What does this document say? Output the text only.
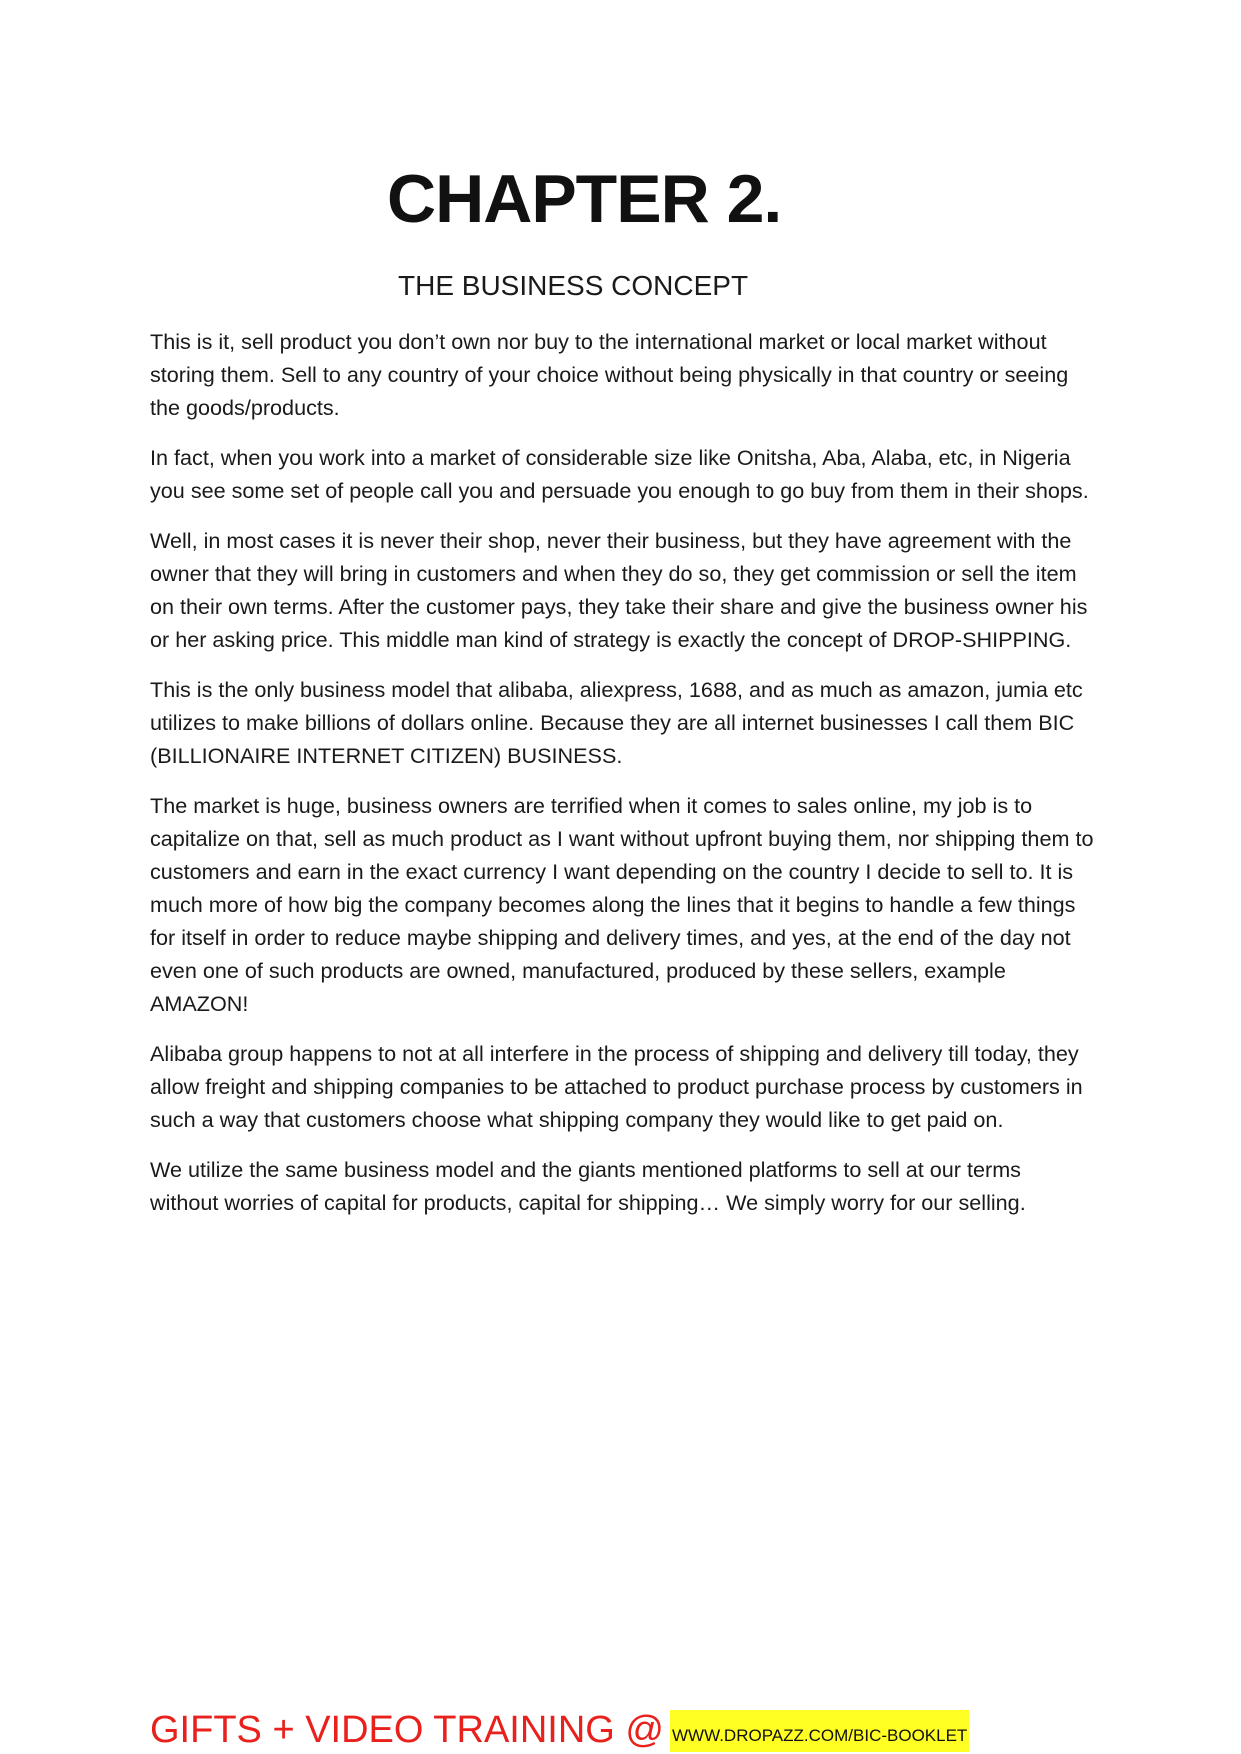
CHAPTER 2.
THE BUSINESS CONCEPT

This is it, sell product you don’t own nor buy to the international market or local market without storing them. Sell to any country of your choice without being physically in that country or seeing the goods/products.

In fact, when you work into a market of considerable size like Onitsha, Aba, Alaba, etc, in Nigeria you see some set of people call you and persuade you enough to go buy from them in their shops.

Well, in most cases it is never their shop, never their business, but they have agreement with the owner that they will bring in customers and when they do so, they get commission or sell the item on their own terms. After the customer pays, they take their share and give the business owner his or her asking price. This middle man kind of strategy is exactly the concept of DROP-SHIPPING.

This is the only business model that alibaba, aliexpress, 1688, and as much as amazon, jumia etc utilizes to make billions of dollars online. Because they are all internet businesses I call them BIC (BILLIONAIRE INTERNET CITIZEN) BUSINESS.

The market is huge, business owners are terrified when it comes to sales online, my job is to capitalize on that, sell as much product as I want without upfront buying them, nor shipping them to customers and earn in the exact currency I want depending on the country I decide to sell to. It is much more of how big the company becomes along the lines that it begins to handle a few things for itself in order to reduce maybe shipping and delivery times, and yes, at the end of the day not even one of such products are owned, manufactured, produced by these sellers, example AMAZON!

Alibaba group happens to not at all interfere in the process of shipping and delivery till today, they allow freight and shipping companies to be attached to product purchase process by customers in such a way that customers choose what shipping company they would like to get paid on.

We utilize the same business model and the giants mentioned platforms to sell at our terms without worries of capital for products, capital for shipping… We simply worry for our selling.

GIFTS + VIDEO TRAINING @ WWW.DROPAZZ.COM/BIC-BOOKLET
